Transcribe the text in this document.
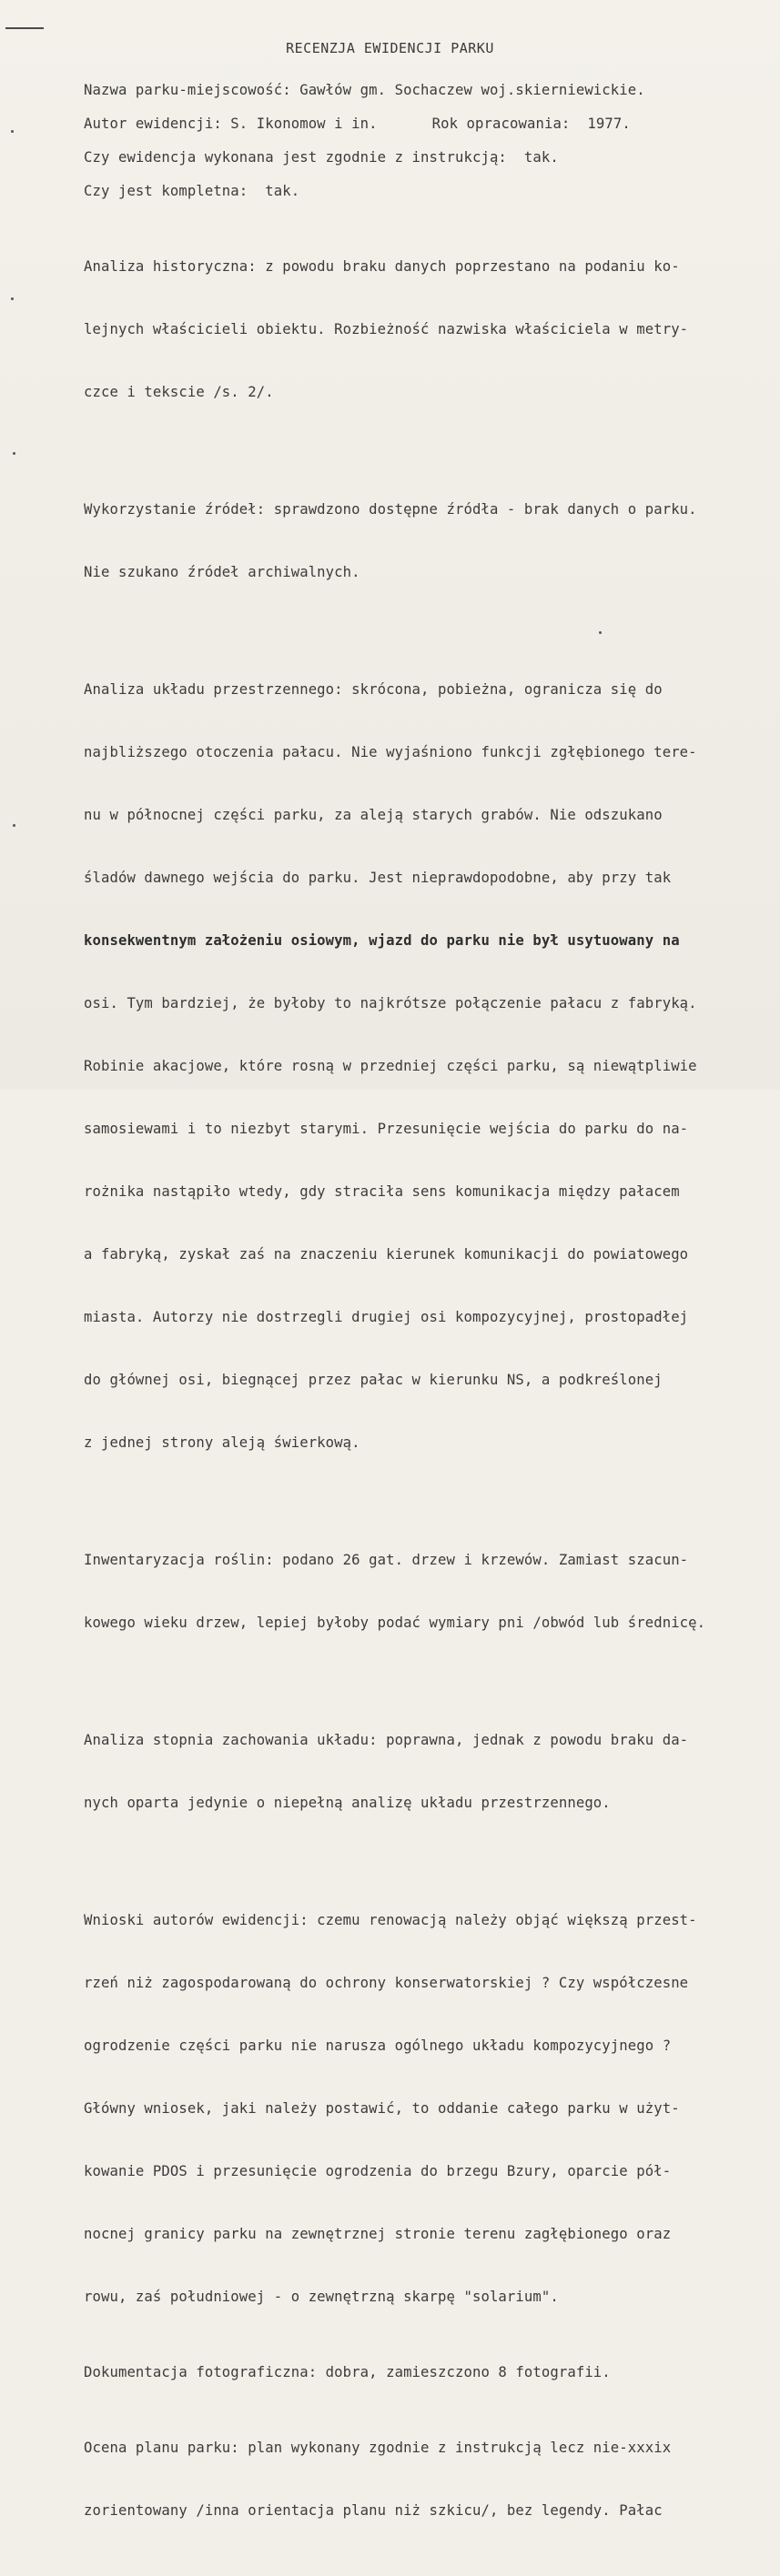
RECENZJA EWIDENCJI PARKU

Nazwa parku-miejscowość: Gawłów gm. Sochaczew woj.skierniewickie.

Autor ewidencji: S. Ikonomow i in.	Rok opracowania:  1977.

Czy ewidencja wykonana jest zgodnie z instrukcją:  tak.

Czy jest kompletna:  tak.

Analiza historyczna: z powodu braku danych poprzestano na podaniu ko-

lejnych właścicieli obiektu. Rozbieżność nazwiska właściciela w metry-

czce i tekscie /s. 2/.

Wykorzystanie źródeł: sprawdzono dostępne źródła - brak danych o parku.

Nie szukano źródeł archiwalnych.

Analiza układu przestrzennego: skrócona, pobieżna, ogranicza się do

najbliższego otoczenia pałacu. Nie wyjaśniono funkcji zgłębionego tere-

nu w północnej części parku, za aleją starych grabów. Nie odszukano

śladów dawnego wejścia do parku. Jest nieprawdopodobne, aby przy tak

konsekwentnym założeniu osiowym, wjazd do parku nie był usytuowany na

osi. Tym bardziej, że byłoby to najkrótsze połączenie pałacu z fabryką.

Robinie akacjowe, które rosną w przedniej części parku, są niewątpliwie

samosiewami i to niezbyt starymi. Przesunięcie wejścia do parku do na-

rożnika nastąpiło wtedy, gdy straciła sens komunikacja między pałacem

a fabryką, zyskał zaś na znaczeniu kierunek komunikacji do powiatowego

miasta. Autorzy nie dostrzegli drugiej osi kompozycyjnej, prostopadłej

do głównej osi, biegnącej przez pałac w kierunku NS, a podkreślonej

z jednej strony aleją świerkową.

Inwentaryzacja roślin: podano 26 gat. drzew i krzewów. Zamiast szacun-

kowego wieku drzew, lepiej byłoby podać wymiary pni /obwód lub średnicę.

Analiza stopnia zachowania układu: poprawna, jednak z powodu braku da-

nych oparta jedynie o niepełną analizę układu przestrzennego.

Wnioski autorów ewidencji: czemu renowacją należy objąć większą przest-

rzeń niż zagospodarowaną do ochrony konserwatorskiej ? Czy współczesne

ogrodzenie części parku nie narusza ogólnego układu kompozycyjnego ?

Główny wniosek, jaki należy postawić, to oddanie całego parku w użyt-

kowanie PDOS i przesunięcie ogrodzenia do brzegu Bzury, oparcie pół-

nocnej granicy parku na zewnętrznej stronie terenu zagłębionego oraz

rowu, zaś południowej - o zewnętrzną skarpę "solarium".

Dokumentacja fotograficzna: dobra, zamieszczono 8 fotografii.

Ocena planu parku: plan wykonany zgodnie z instrukcją lecz nie-xxxix

zorientowany /inna orientacja planu niż szkicu/, bez legendy. Pałac
